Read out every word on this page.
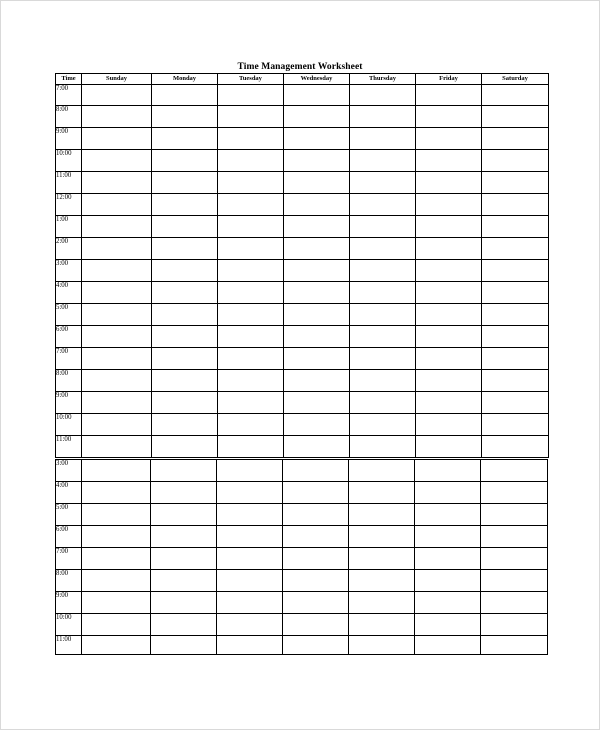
Time Management Worksheet
Time	Sunday	Monday	Tuesday	Wednesday	Thursday	Friday	Saturday
7:00							
8:00							
9:00							
10:00							
11:00							
12:00							
1:00							
2:00							
3:00							
4:00							
5:00							
6:00							
7:00							
8:00							
9:00							
10:00							
11:00							
3:00							
4:00							
5:00							
6:00							
7:00							
8:00							
9:00							
10:00							
11:00							
